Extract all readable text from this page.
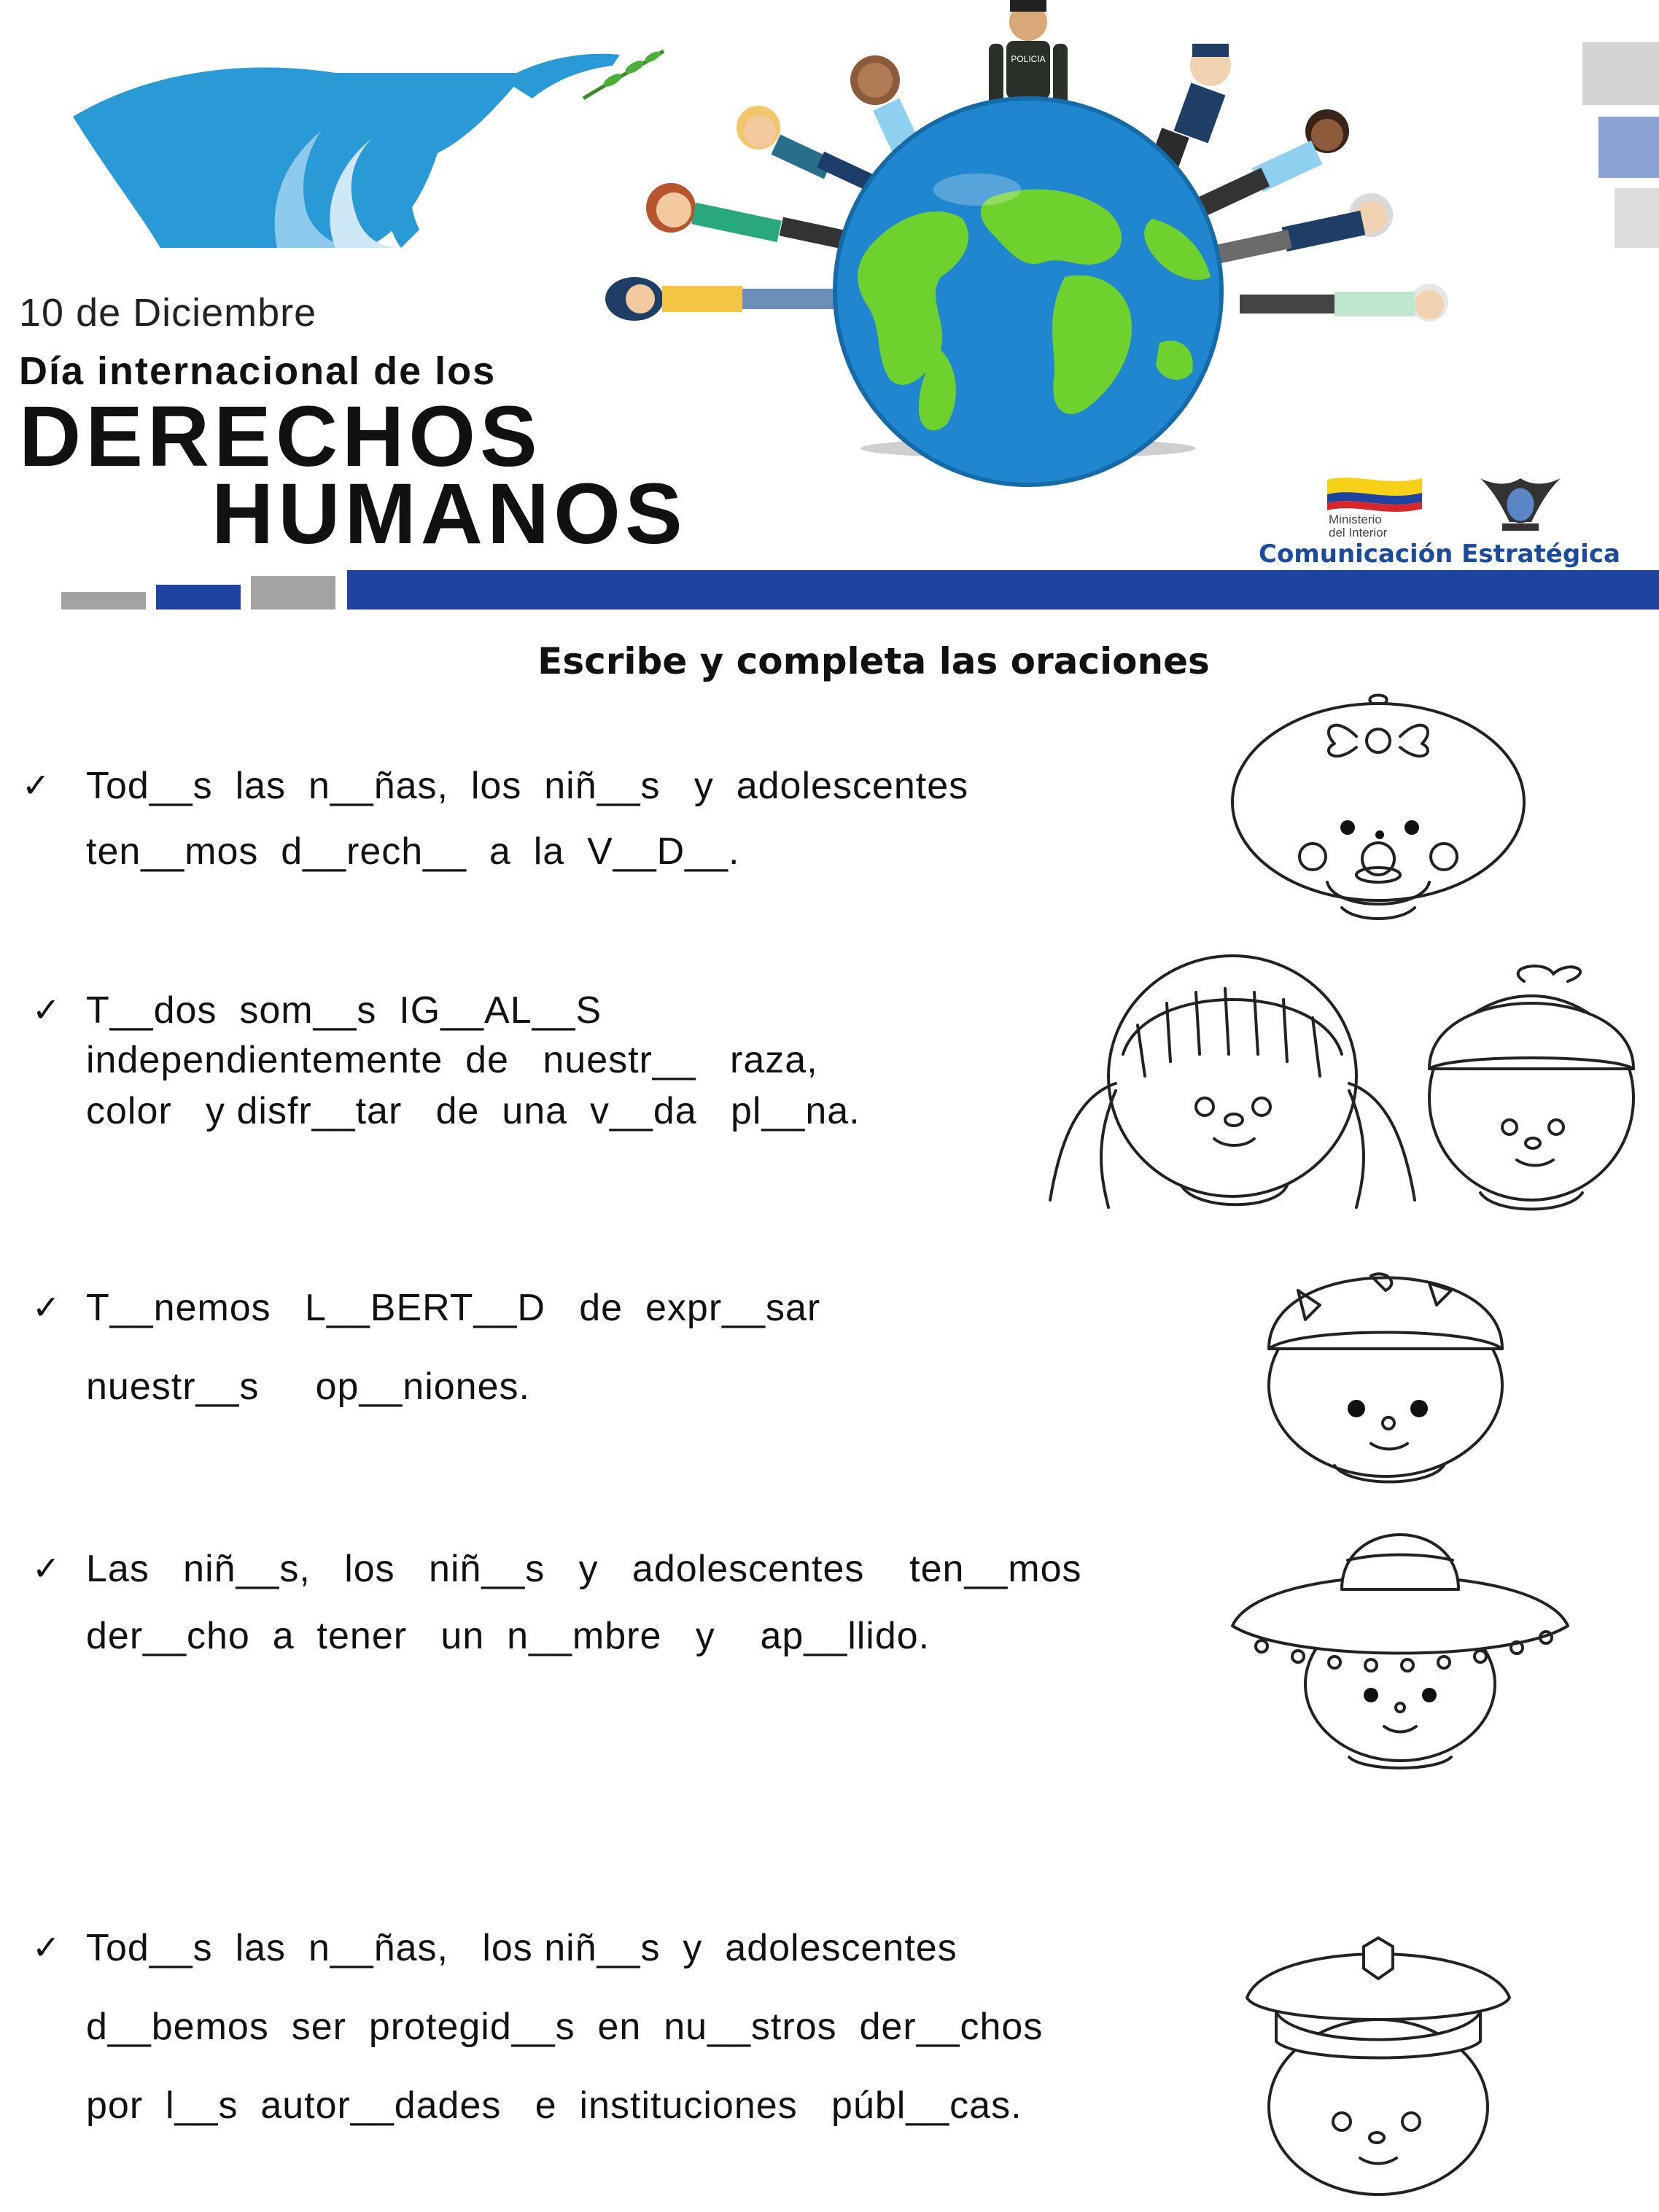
10 de Diciembre
Día internacional de los
DERECHOS
HUMANOS
POLICIA
Ministerio
del Interior
Comunicación Estratégica
Escribe y completa las oraciones
✓ Tod__s  las  n__ñas,  los  niñ__s   y  adolescentes
ten__mos  d__rech__  a  la  V__D__.
✓ T__dos  som__s  IG__AL__S
independientemente  de   nuestr__   raza,
color   y disfr__tar   de  una  v__da   pl__na.
✓ T__nemos   L__BERT__D   de  expr__sar
nuestr__s     op__niones.
✓ Las   niñ__s,   los   niñ__s   y   adolescentes    ten__mos
der__cho  a  tener   un  n__mbre   y    ap__llido.
✓ Tod__s  las  n__ñas,   los niñ__s  y  adolescentes
d__bemos  ser  protegid__s  en  nu__stros  der__chos
por  l__s  autor__dades   e  instituciones   públ__cas.
